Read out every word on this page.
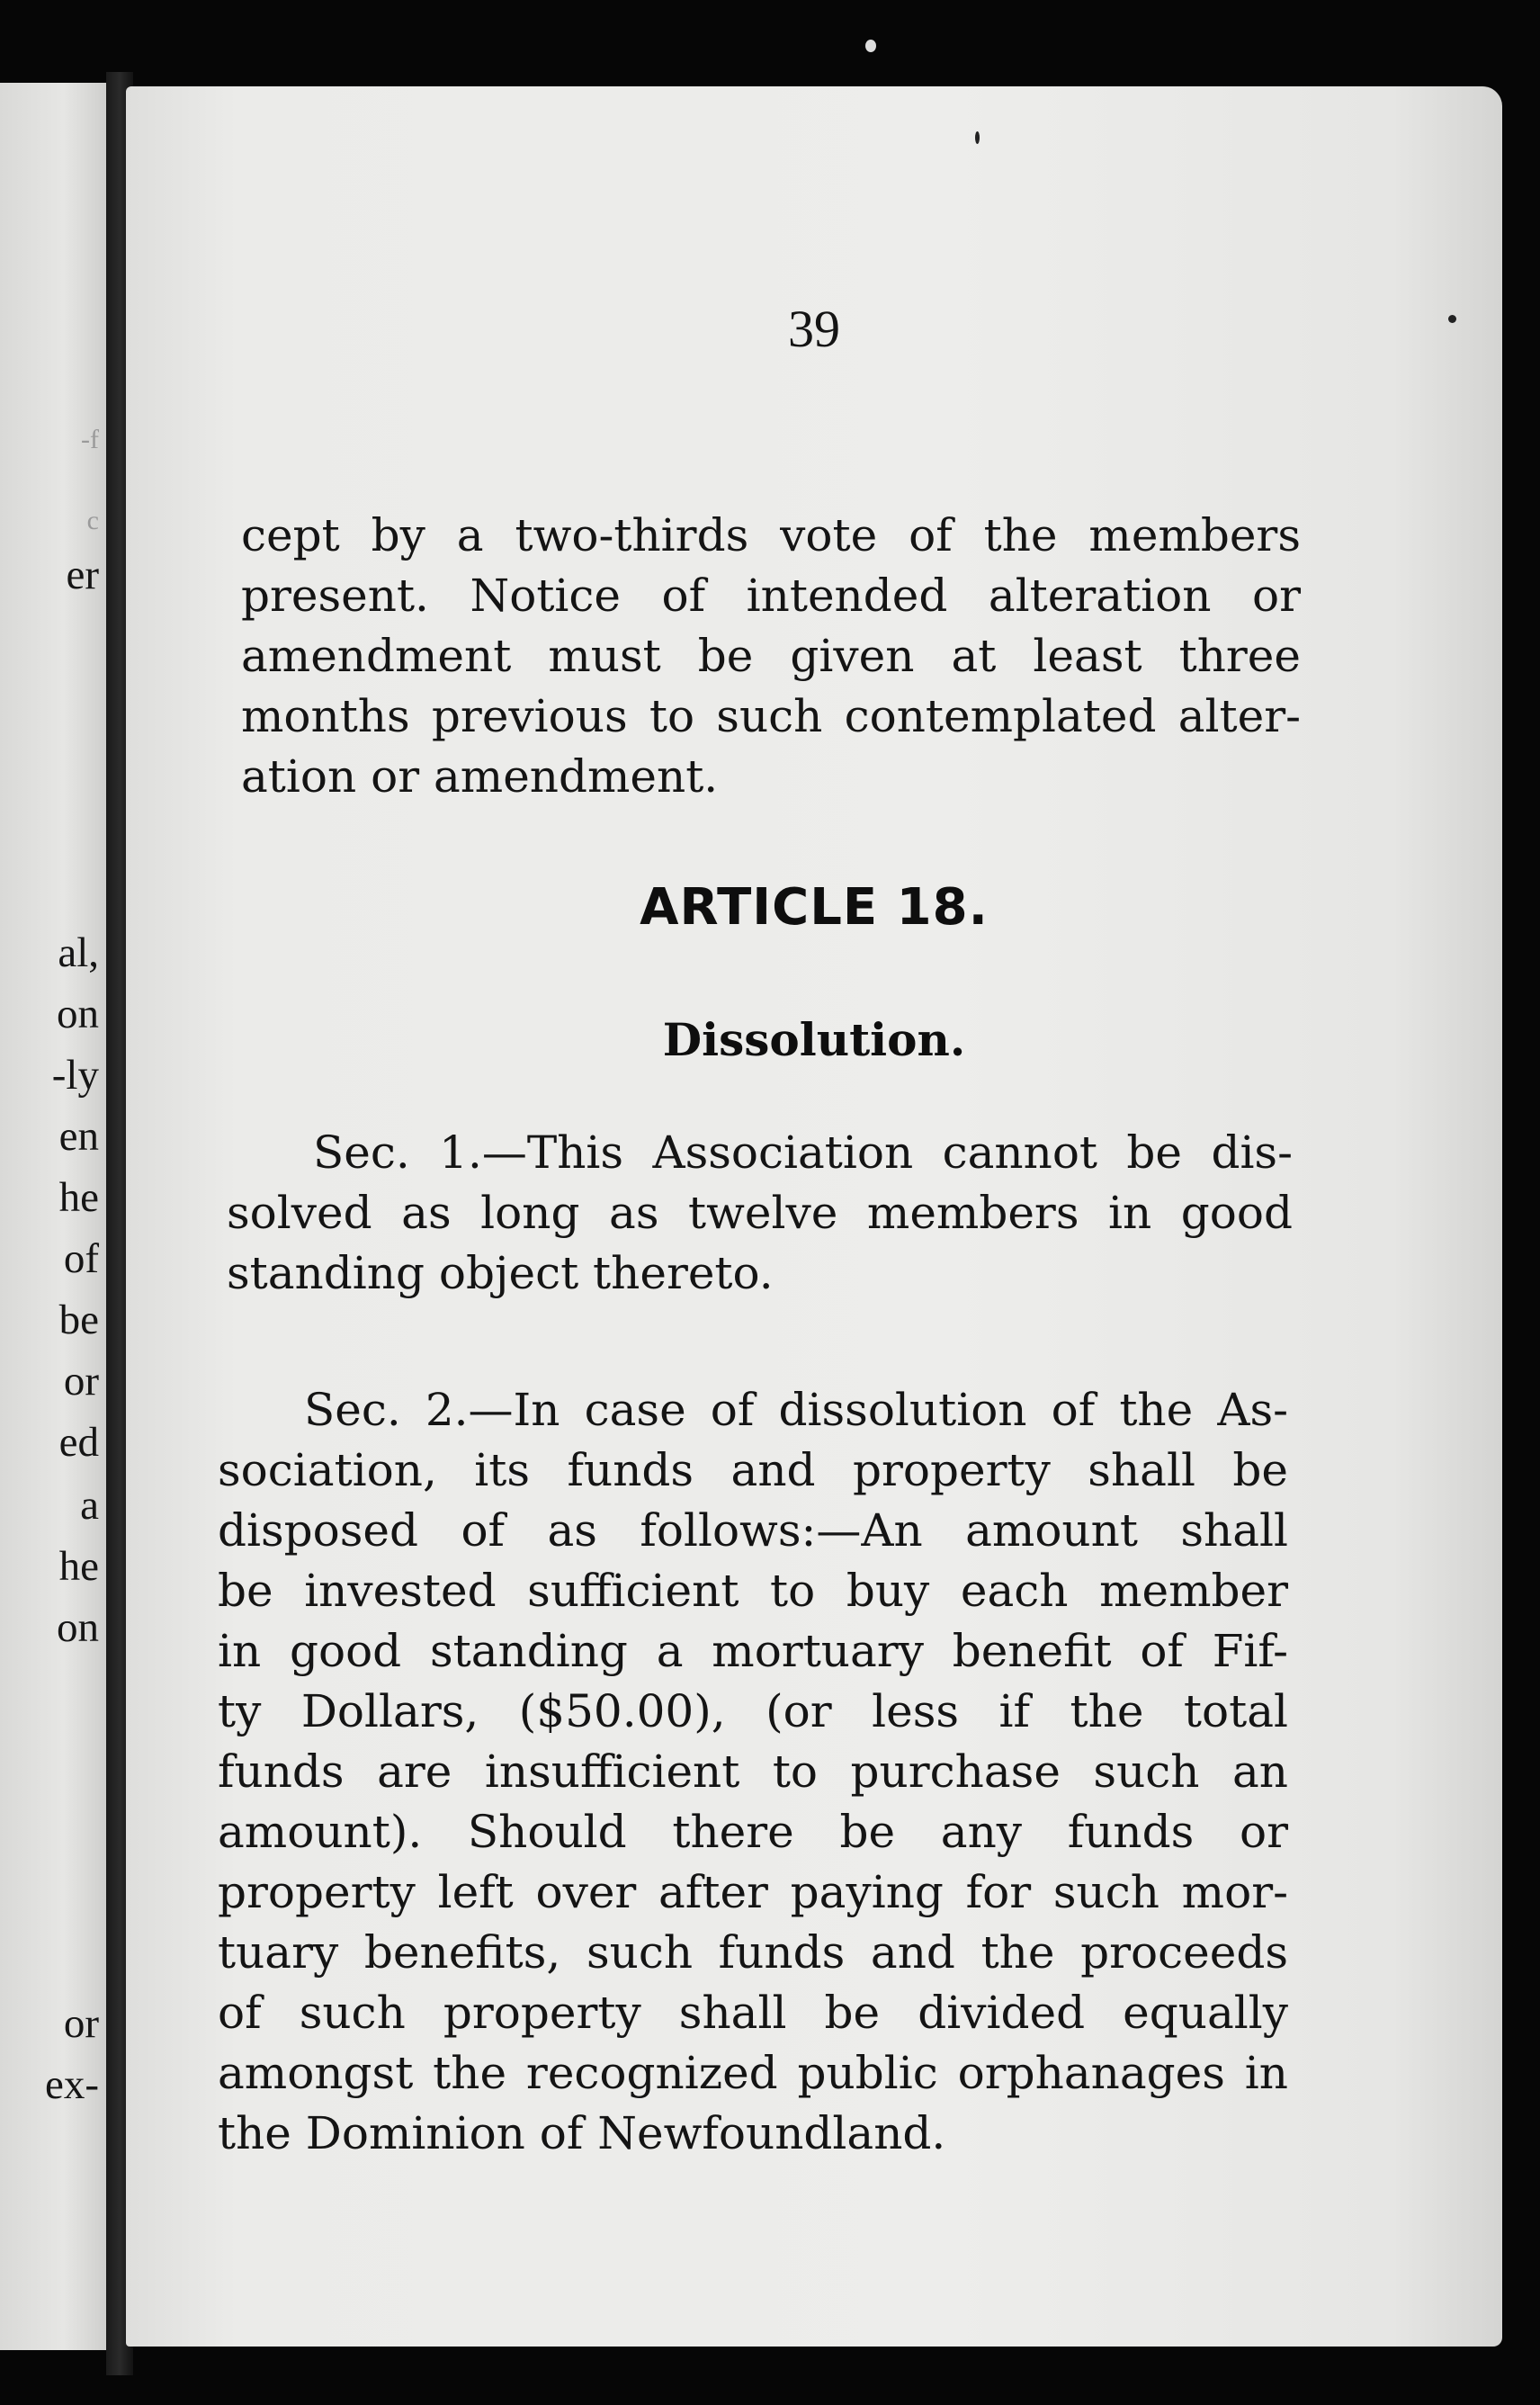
-f
c
er
al,
on
-ly
en
he
of
be
or
ed
a
he
on
or
ex-
39
cept by a two-thirds vote of the members
present. Notice of intended alteration or
amendment must be given at least three
months previous to such contemplated alter-
ation or amendment.
ARTICLE 18.
Dissolution.
Sec. 1.—This Association cannot be dis-
solved as long as twelve members in good
standing object thereto.
Sec. 2.—In case of dissolution of the As-
sociation, its funds and property shall be
disposed of as follows:—An amount shall
be invested sufficient to buy each member
in good standing a mortuary benefit of Fif-
ty Dollars, ($50.00), (or less if the total
funds are insufficient to purchase such an
amount). Should there be any funds or
property left over after paying for such mor-
tuary benefits, such funds and the proceeds
of such property shall be divided equally
amongst the recognized public orphanages in
the Dominion of Newfoundland.
